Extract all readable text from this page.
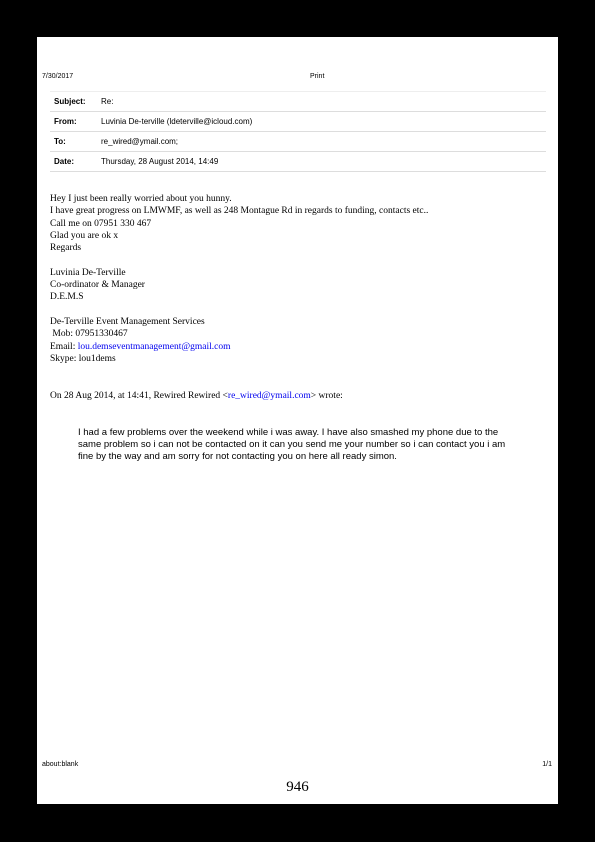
7/30/2017	Print
Subject:	Re:
From:	Luvinia De-terville (ldeterville@icloud.com)
To:	re_wired@ymail.com;
Date:	Thursday, 28 August 2014, 14:49

Hey I just been really worried about you hunny.

I have great progress on LMWMF, as well as 248 Montague Rd in regards to funding, contacts etc..

Call me on 07951 330 467

Glad you are ok x

Regards

Luvinia De-Terville

Co-ordinator & Manager

D.E.M.S

De-Terville Event Management Services

Mob: 07951330467

Email: lou.demseventmanagement@gmail.com

Skype: lou1dems

On 28 Aug 2014, at 14:41, Rewired Rewired <re_wired@ymail.com> wrote:

I had a few problems over the weekend while i was away. I have also smashed my phone due to the same problem so i can not be contacted on it can you send me your number so i can contact you i am fine by the way and am sorry for not contacting you on here all ready simon.
about:blank	1/1
946
